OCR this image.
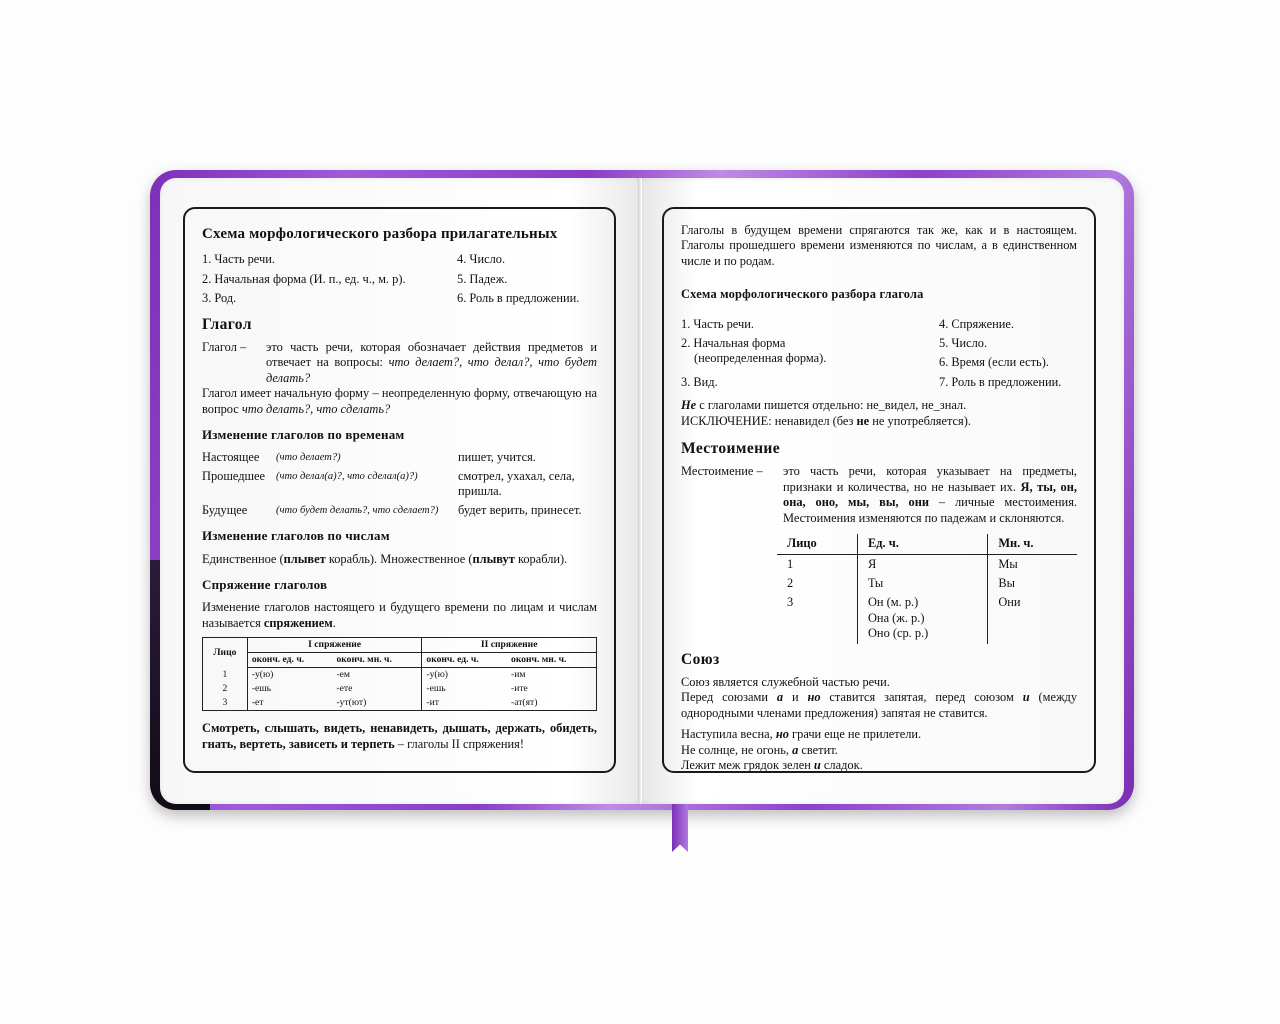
Схема морфологического разбора прилагательных
1. Часть речи.	4. Число.
2. Начальная форма (И. п., ед. ч., м. р).	5. Падеж.
3. Род.	6. Роль в предложении.
Глагол
Глагол –	это часть речи, которая обозначает действия предметов и отвечает на вопросы: что делает?, что делал?, что будет делать?

Глагол имеет начальную форму – неопределенную форму, отвечающую на вопрос что делать?, что сделать?

Изменение глаголов по временам
Настоящее	(что делает?)	пишет, учится.
Прошедшее	(что делал(а)?, что сделал(а)?)	смотрел, ухахал, села, пришла.
Будущее	(что будет делать?, что сделает?)	будет верить, принесет.
Изменение глаголов по числам

Единственное (плывет корабль). Множественное (плывут корабли).

Спряжение глаголов

Изменение глаголов настоящего и будущего времени по лицам и числам называется спряжением.

Лицо	I спряжение		II спряжение	
	оконч. ед. ч.	оконч. мн. ч.	оконч. ед. ч.	оконч. мн. ч.
1	-у(ю)	-ем	-у(ю)	-им
2	-ешь	-ете	-ешь	-ите
3	-ет	-ут(ют)	-ит	-ат(ят)

Смотреть, слышать, видеть, ненавидеть, дышать, держать, обидеть, гнать, вертеть, зависеть и терпеть – глаголы II спряжения!

Глаголы в будущем времени спрягаются так же, как и в настоящем. Глаголы прошедшего времени изменяются по числам, а в единственном числе и по родам.

Схема морфологического разбора глагола
1. Часть речи.	4. Спряжение.
2. Начальная форма
(неопределенная форма).
5. Число.
6. Время (если есть).
3. Вид.	7. Роль в предложении.

Не с глаголами пишется отдельно: не_видел, не_знал.

ИСКЛЮЧЕНИЕ: ненавидел (без не не употребляется).

Местоимение
Местоимение –	это часть речи, которая указывает на предметы, признаки и количества, но не называет их. Я, ты, он, она, оно, мы, вы, они – личные местоимения. Местоимения изменяются по падежам и склоняются.
Лицо	Ед. ч.	Мн. ч.
1	Я	Мы
2	Ты	Вы
3	Он (м. р.)
Она (ж. р.)
Оно (ср. р.)	Они
Союз

Союз является служебной частью речи.

Перед союзами а и но ставится запятая, перед союзом и (между однородными членами предложения) запятая не ставится.

Наступила весна, но грачи еще не прилетели.

Не солнце, не огонь, а светит.

Лежит меж грядок зелен и сладок.
